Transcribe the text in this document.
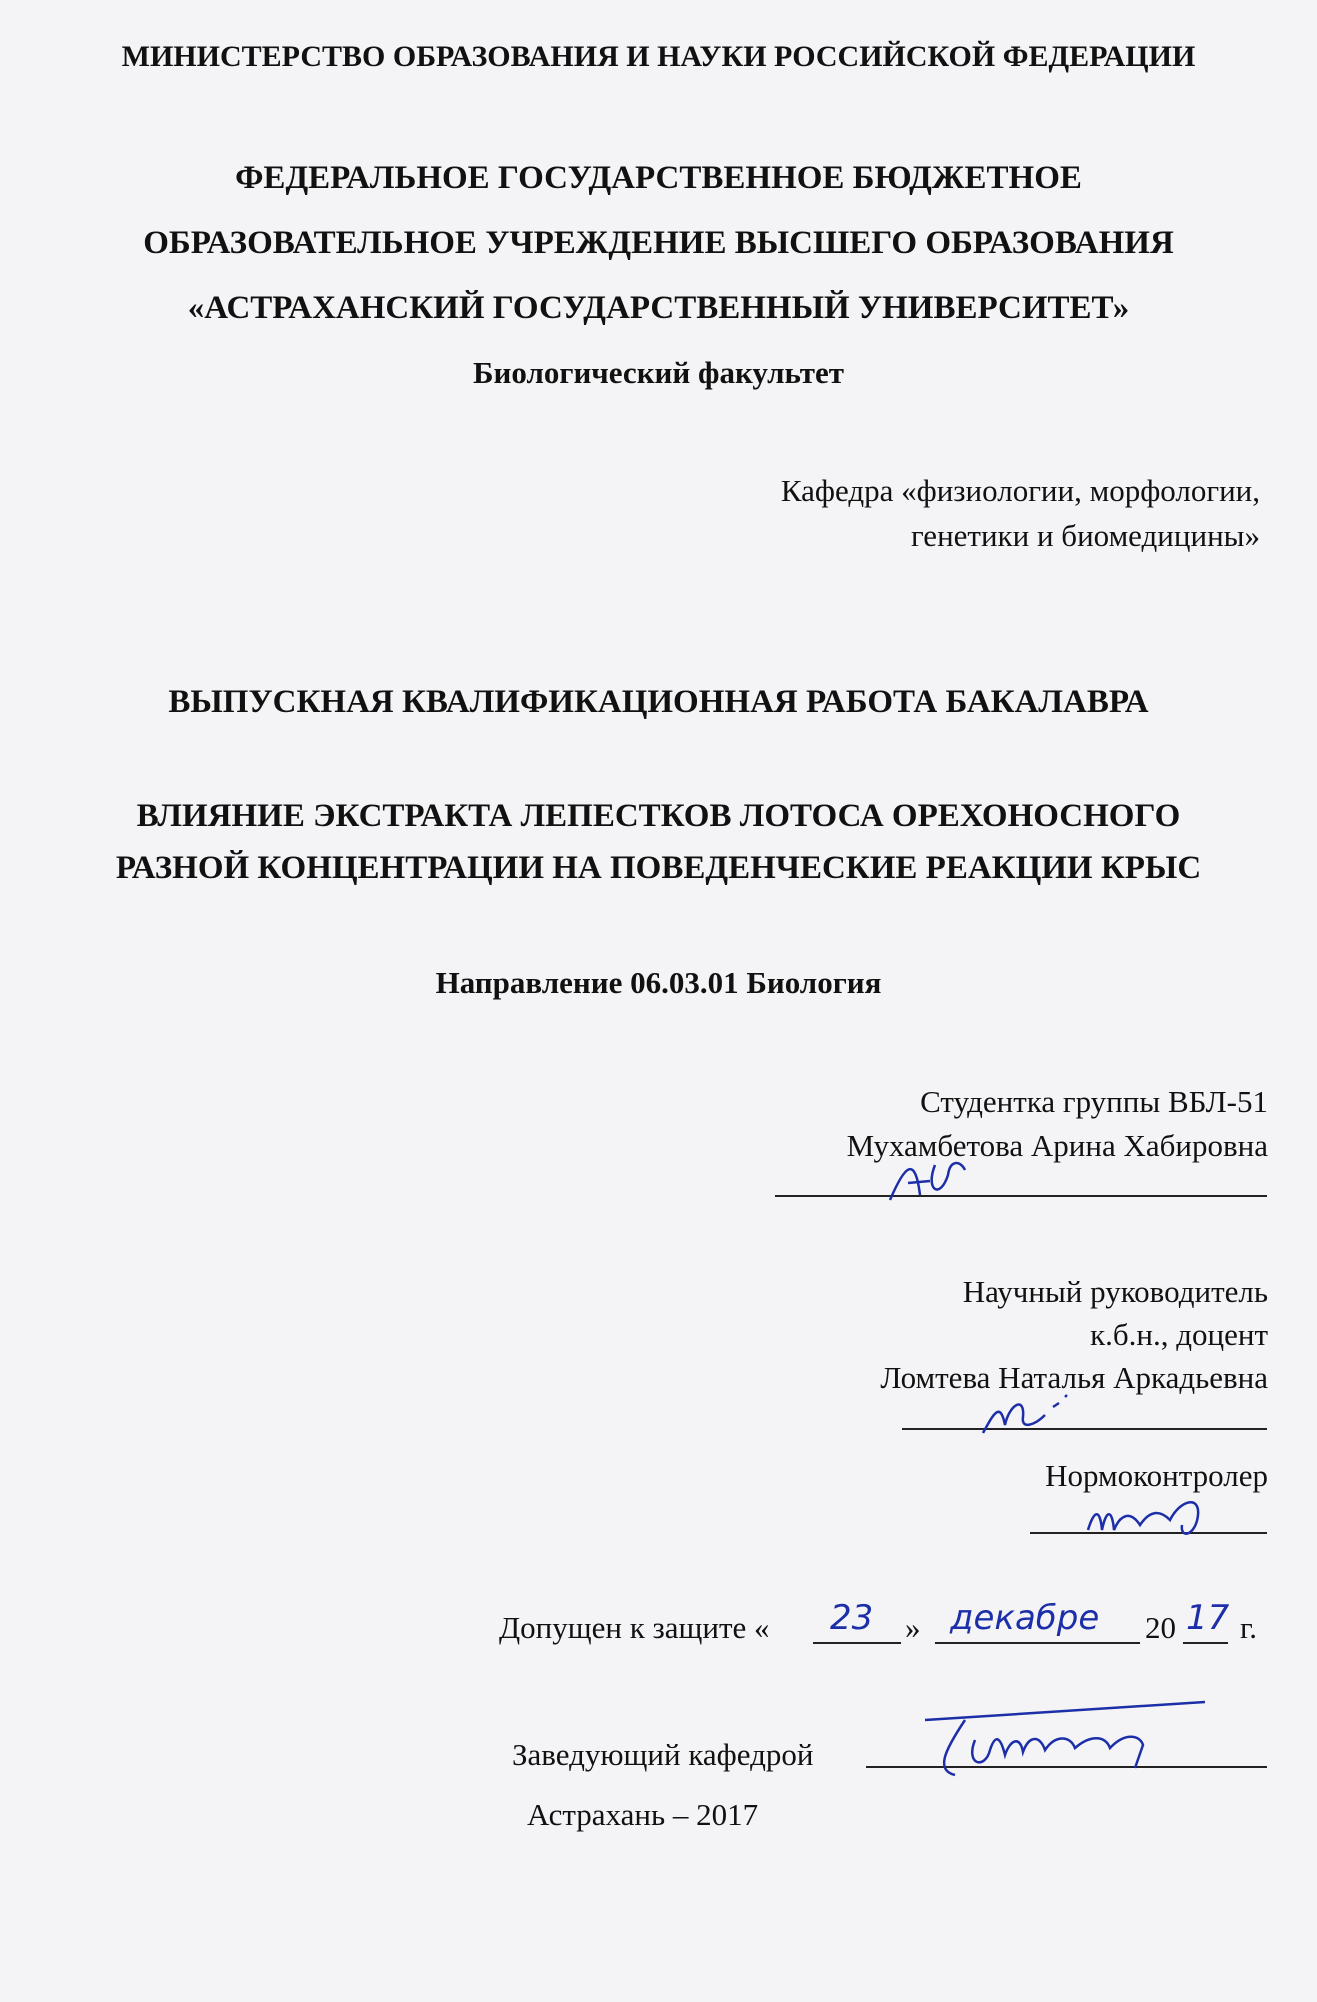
МИНИСТЕРСТВО ОБРАЗОВАНИЯ И НАУКИ РОССИЙСКОЙ ФЕДЕРАЦИИ
ФЕДЕРАЛЬНОЕ ГОСУДАРСТВЕННОЕ БЮДЖЕТНОЕ
ОБРАЗОВАТЕЛЬНОЕ УЧРЕЖДЕНИЕ ВЫСШЕГО ОБРАЗОВАНИЯ
«АСТРАХАНСКИЙ ГОСУДАРСТВЕННЫЙ УНИВЕРСИТЕТ»
Биологический факультет
Кафедра «физиологии, морфологии,
генетики и биомедицины»
ВЫПУСКНАЯ КВАЛИФИКАЦИОННАЯ РАБОТА БАКАЛАВРА
ВЛИЯНИЕ ЭКСТРАКТА ЛЕПЕСТКОВ ЛОТОСА ОРЕХОНОСНОГО
РАЗНОЙ КОНЦЕНТРАЦИИ НА ПОВЕДЕНЧЕСКИЕ РЕАКЦИИ КРЫС
Направление 06.03.01 Биология
Студентка группы ВБЛ-51
Мухамбетова Арина Хабировна
Научный руководитель
к.б.н., доцент
Ломтева Наталья Аркадьевна
Нормоконтролер
Допущен к защите « 23 » декабре 20 17 г.
Заведующий кафедрой
Астрахань – 2017
